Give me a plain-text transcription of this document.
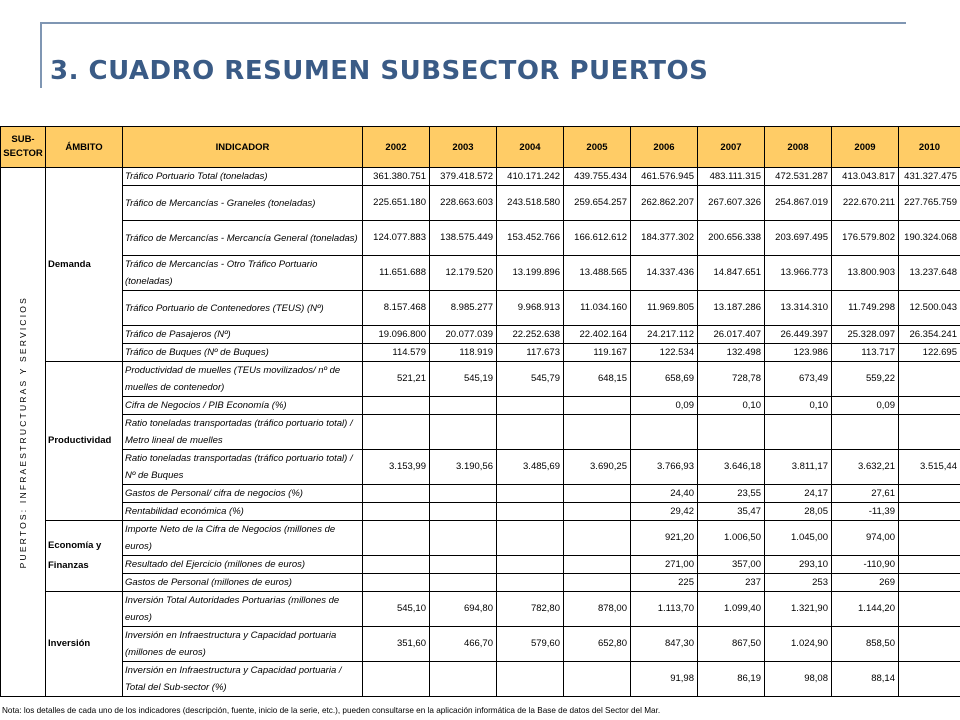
3. CUADRO RESUMEN SUBSECTOR PUERTOS
SUB-SECTOR	ÁMBITO	INDICADOR	2002	2003	2004	2005	2006	2007	2008	2009	2010

PUERTOS: INFRAESTRUCTURAS Y SERVICIOS	Demanda	Tráfico Portuario Total (toneladas)	361.380.751	379.418.572	410.171.242	439.755.434	461.576.945	483.111.315	472.531.287	413.043.817	431.327.475
		Tráfico de Mercancías - Graneles (toneladas)	225.651.180	228.663.603	243.518.580	259.654.257	262.862.207	267.607.326	254.867.019	222.670.211	227.765.759
		Tráfico de Mercancías - Mercancía General (toneladas)	124.077.883	138.575.449	153.452.766	166.612.612	184.377.302	200.656.338	203.697.495	176.579.802	190.324.068
		Tráfico de Mercancías - Otro Tráfico Portuario (toneladas)	11.651.688	12.179.520	13.199.896	13.488.565	14.337.436	14.847.651	13.966.773	13.800.903	13.237.648
		Tráfico Portuario de Contenedores (TEUS) (Nº)	8.157.468	8.985.277	9.968.913	11.034.160	11.969.805	13.187.286	13.314.310	11.749.298	12.500.043
		Tráfico de Pasajeros (Nº)	19.096.800	20.077.039	22.252.638	22.402.164	24.217.112	26.017.407	26.449.397	25.328.097	26.354.241
		Tráfico de Buques (Nº de Buques)	114.579	118.919	117.673	119.167	122.534	132.498	123.986	113.717	122.695
	Productividad	Productividad de muelles (TEUs movilizados/ nº de muelles de contenedor)	521,21	545,19	545,79	648,15	658,69	728,78	673,49	559,22	
		Cifra de Negocios / PIB Economía (%)					0,09	0,10	0,10	0,09	
		Ratio toneladas transportadas (tráfico portuario total) / Metro lineal de muelles									
		Ratio toneladas transportadas (tráfico portuario total) / Nº de Buques	3.153,99	3.190,56	3.485,69	3.690,25	3.766,93	3.646,18	3.811,17	3.632,21	3.515,44
		Gastos de Personal/ cifra de negocios (%)					24,40	23,55	24,17	27,61	
		Rentabilidad económica (%)					29,42	35,47	28,05	-11,39	
	Economía y Finanzas	Importe Neto de la Cifra de Negocios (millones de euros)					921,20	1.006,50	1.045,00	974,00	
		Resultado del Ejercicio (millones de euros)					271,00	357,00	293,10	-110,90	
		Gastos de Personal (millones de euros)					225	237	253	269	
	Inversión	Inversión Total Autoridades Portuarias (millones de euros)	545,10	694,80	782,80	878,00	1.113,70	1.099,40	1.321,90	1.144,20	
		Inversión en Infraestructura y Capacidad portuaria (millones de euros)	351,60	466,70	579,60	652,80	847,30	867,50	1.024,90	858,50	
		Inversión en Infraestructura y Capacidad portuaria / Total del Sub-sector (%)					91,98	86,19	98,08	88,14	
Nota: los detalles de cada uno de los indicadores (descripción, fuente, inicio de la serie, etc.), pueden consultarse en la aplicación informática de la Base de datos del Sector del Mar.
